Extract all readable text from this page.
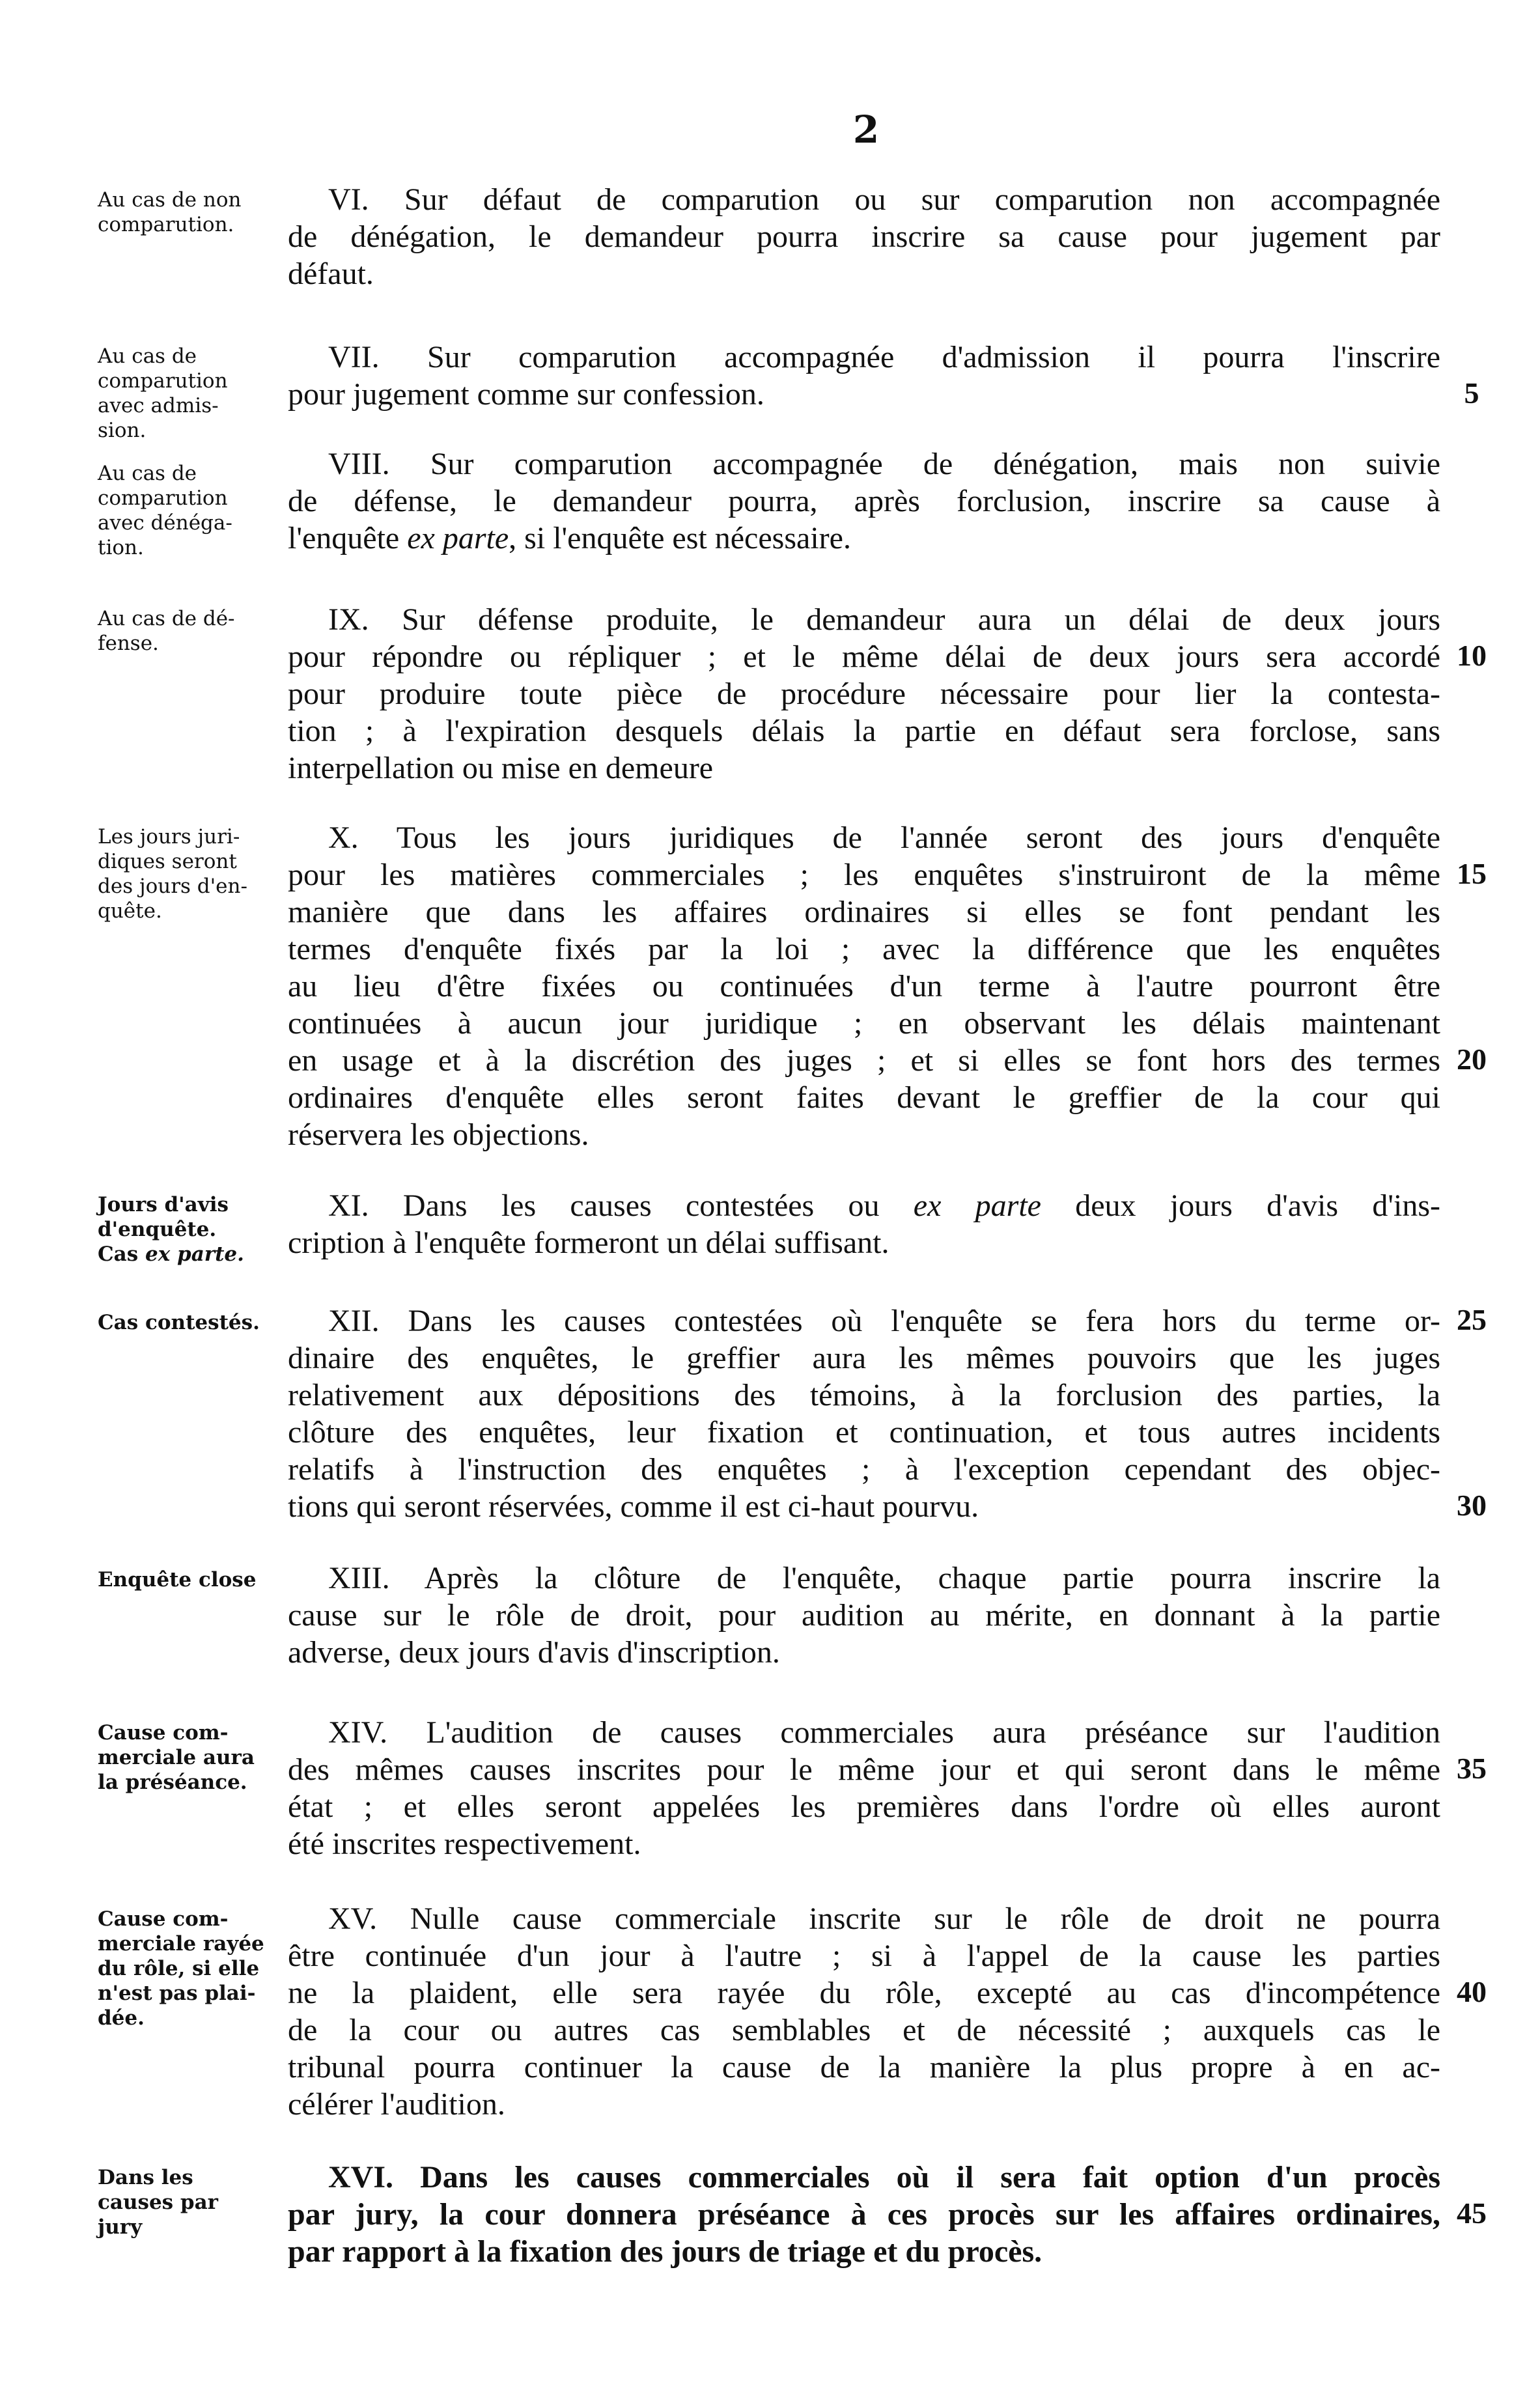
2
Au cas de non
comparution.
VI. Sur défaut de comparution ou sur comparution non accompagnée
de dénégation, le demandeur pourra inscrire sa cause pour jugement par
défaut.
Au cas de
comparution
avec admis-
sion.
VII. Sur comparution accompagnée d'admission il pourra l'inscrire
pour jugement comme sur confession.	5
Au cas de
comparution
avec dénéga-
tion.
VIII. Sur comparution accompagnée de dénégation, mais non suivie
de défense, le demandeur pourra, après forclusion, inscrire sa cause à
l'enquête ex parte, si l'enquête est nécessaire.
Au cas de dé-
fense.
IX. Sur défense produite, le demandeur aura un délai de deux jours
pour répondre ou répliquer ; et le même délai de deux jours sera accordé
pour produire toute pièce de procédure nécessaire pour lier la contesta-
tion ; à l'expiration desquels délais la partie en défaut sera forclose, sans
interpellation ou mise en demeure
10
Les jours juri-
diques seront
des jours d'en-
quête.
X. Tous les jours juridiques de l'année seront des jours d'enquête
pour les matières commerciales ; les enquêtes s'instruiront de la même
manière que dans les affaires ordinaires si elles se font pendant les
termes d'enquête fixés par la loi ; avec la différence que les enquêtes
au lieu d'être fixées ou continuées d'un terme à l'autre pourront être
continuées à aucun jour juridique ; en observant les délais maintenant
en usage et à la discrétion des juges ; et si elles se font hors des termes
ordinaires d'enquête elles seront faites devant le greffier de la cour qui
réservera les objections.
15
20
Jours d'avis
d'enquête.
Cas ex parte.
XI. Dans les causes contestées ou ex parte deux jours d'avis d'ins-
cription à l'enquête formeront un délai suffisant.
Cas contestés.	XII. Dans les causes contestées où l'enquête se fera hors du terme or-
dinaire des enquêtes, le greffier aura les mêmes pouvoirs que les juges
relativement aux dépositions des témoins, à la forclusion des parties, la
clôture des enquêtes, leur fixation et continuation, et tous autres incidents
relatifs à l'instruction des enquêtes ; à l'exception cependant des objec-
tions qui seront réservées, comme il est ci-haut pourvu.
25
30
Enquête close	XIII. Après la clôture de l'enquête, chaque partie pourra inscrire la
cause sur le rôle de droit, pour audition au mérite, en donnant à la partie
adverse, deux jours d'avis d'inscription.
Cause com-
merciale aura
la préséance.
XIV. L'audition de causes commerciales aura préséance sur l'audition
des mêmes causes inscrites pour le même jour et qui seront dans le même
état ; et elles seront appelées les premières dans l'ordre où elles auront
été inscrites respectivement.
35
Cause com-
merciale rayée
du rôle, si elle
n'est pas plai-
dée.
XV. Nulle cause commerciale inscrite sur le rôle de droit ne pourra
être continuée d'un jour à l'autre ; si à l'appel de la cause les parties
ne la plaident, elle sera rayée du rôle, excepté au cas d'incompétence
de la cour ou autres cas semblables et de nécessité ; auxquels cas le
tribunal pourra continuer la cause de la manière la plus propre à en ac-
célérer l'audition.
40
Dans les
causes par
jury
XVI. Dans les causes commerciales où il sera fait option d'un procès
par jury, la cour donnera préséance à ces procès sur les affaires ordinaires,
par rapport à la fixation des jours de triage et du procès.
45
